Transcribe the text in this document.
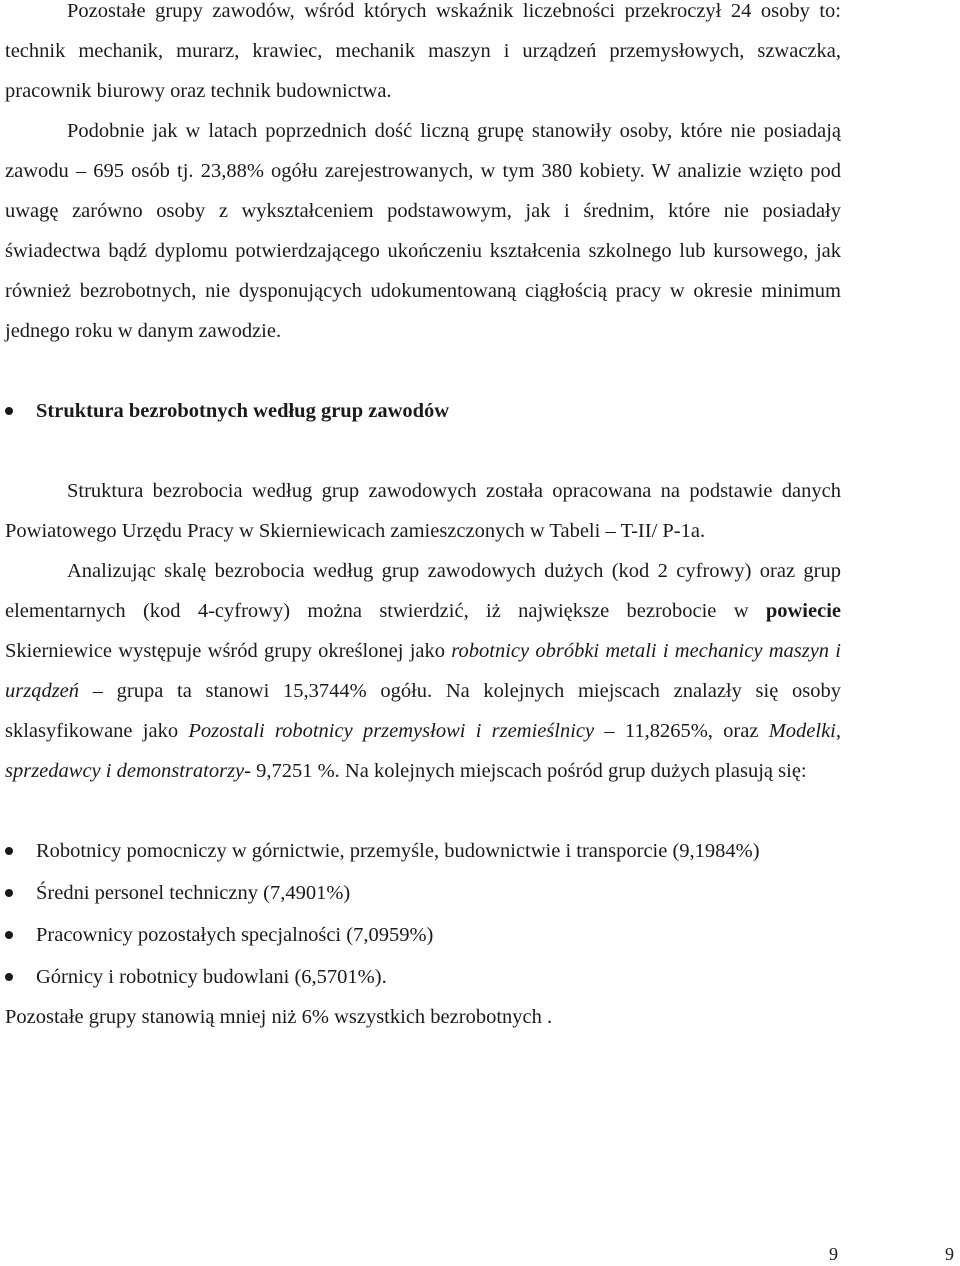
Pozostałe grupy zawodów, wśród których wskaźnik liczebności przekroczył 24 osoby to: technik mechanik, murarz, krawiec, mechanik maszyn i urządzeń przemysłowych, szwaczka, pracownik biurowy oraz technik budownictwa.

Podobnie jak w latach poprzednich dość liczną grupę stanowiły osoby, które nie posiadają zawodu – 695 osób tj. 23,88% ogółu zarejestrowanych, w tym 380 kobiety. W analizie wzięto pod uwagę zarówno osoby z wykształceniem podstawowym, jak i średnim, które nie posiadały świadectwa bądź dyplomu potwierdzającego ukończeniu kształcenia szkolnego lub kursowego, jak również bezrobotnych, nie dysponujących udokumentowaną ciągłością pracy w okresie minimum jednego roku w danym zawodzie.

Struktura bezrobotnych według grup zawodów

Struktura bezrobocia według grup zawodowych została opracowana na podstawie danych Powiatowego Urzędu Pracy w Skierniewicach zamieszczonych w Tabeli – T-II/ P-1a.

Analizując skalę bezrobocia według grup zawodowych dużych (kod 2 cyfrowy) oraz grup elementarnych (kod 4-cyfrowy) można stwierdzić, iż największe bezrobocie w powiecie Skierniewice występuje wśród grupy określonej jako robotnicy obróbki metali i mechanicy maszyn i urządzeń – grupa ta stanowi 15,3744% ogółu. Na kolejnych miejscach znalazły się osoby sklasyfikowane jako Pozostali robotnicy przemysłowi i rzemieślnicy – 11,8265%, oraz Modelki, sprzedawcy i demonstratorzy- 9,7251 %. Na kolejnych miejscach pośród grup dużych plasują się:

Robotnicy pomocniczy w górnictwie, przemyśle, budownictwie i transporcie (9,1984%)
Średni personel techniczny (7,4901%)
Pracownicy pozostałych specjalności (7,0959%)
Górnicy i robotnicy budowlani (6,5701%).

Pozostałe grupy stanowią mniej niż 6% wszystkich bezrobotnych .

9	9
